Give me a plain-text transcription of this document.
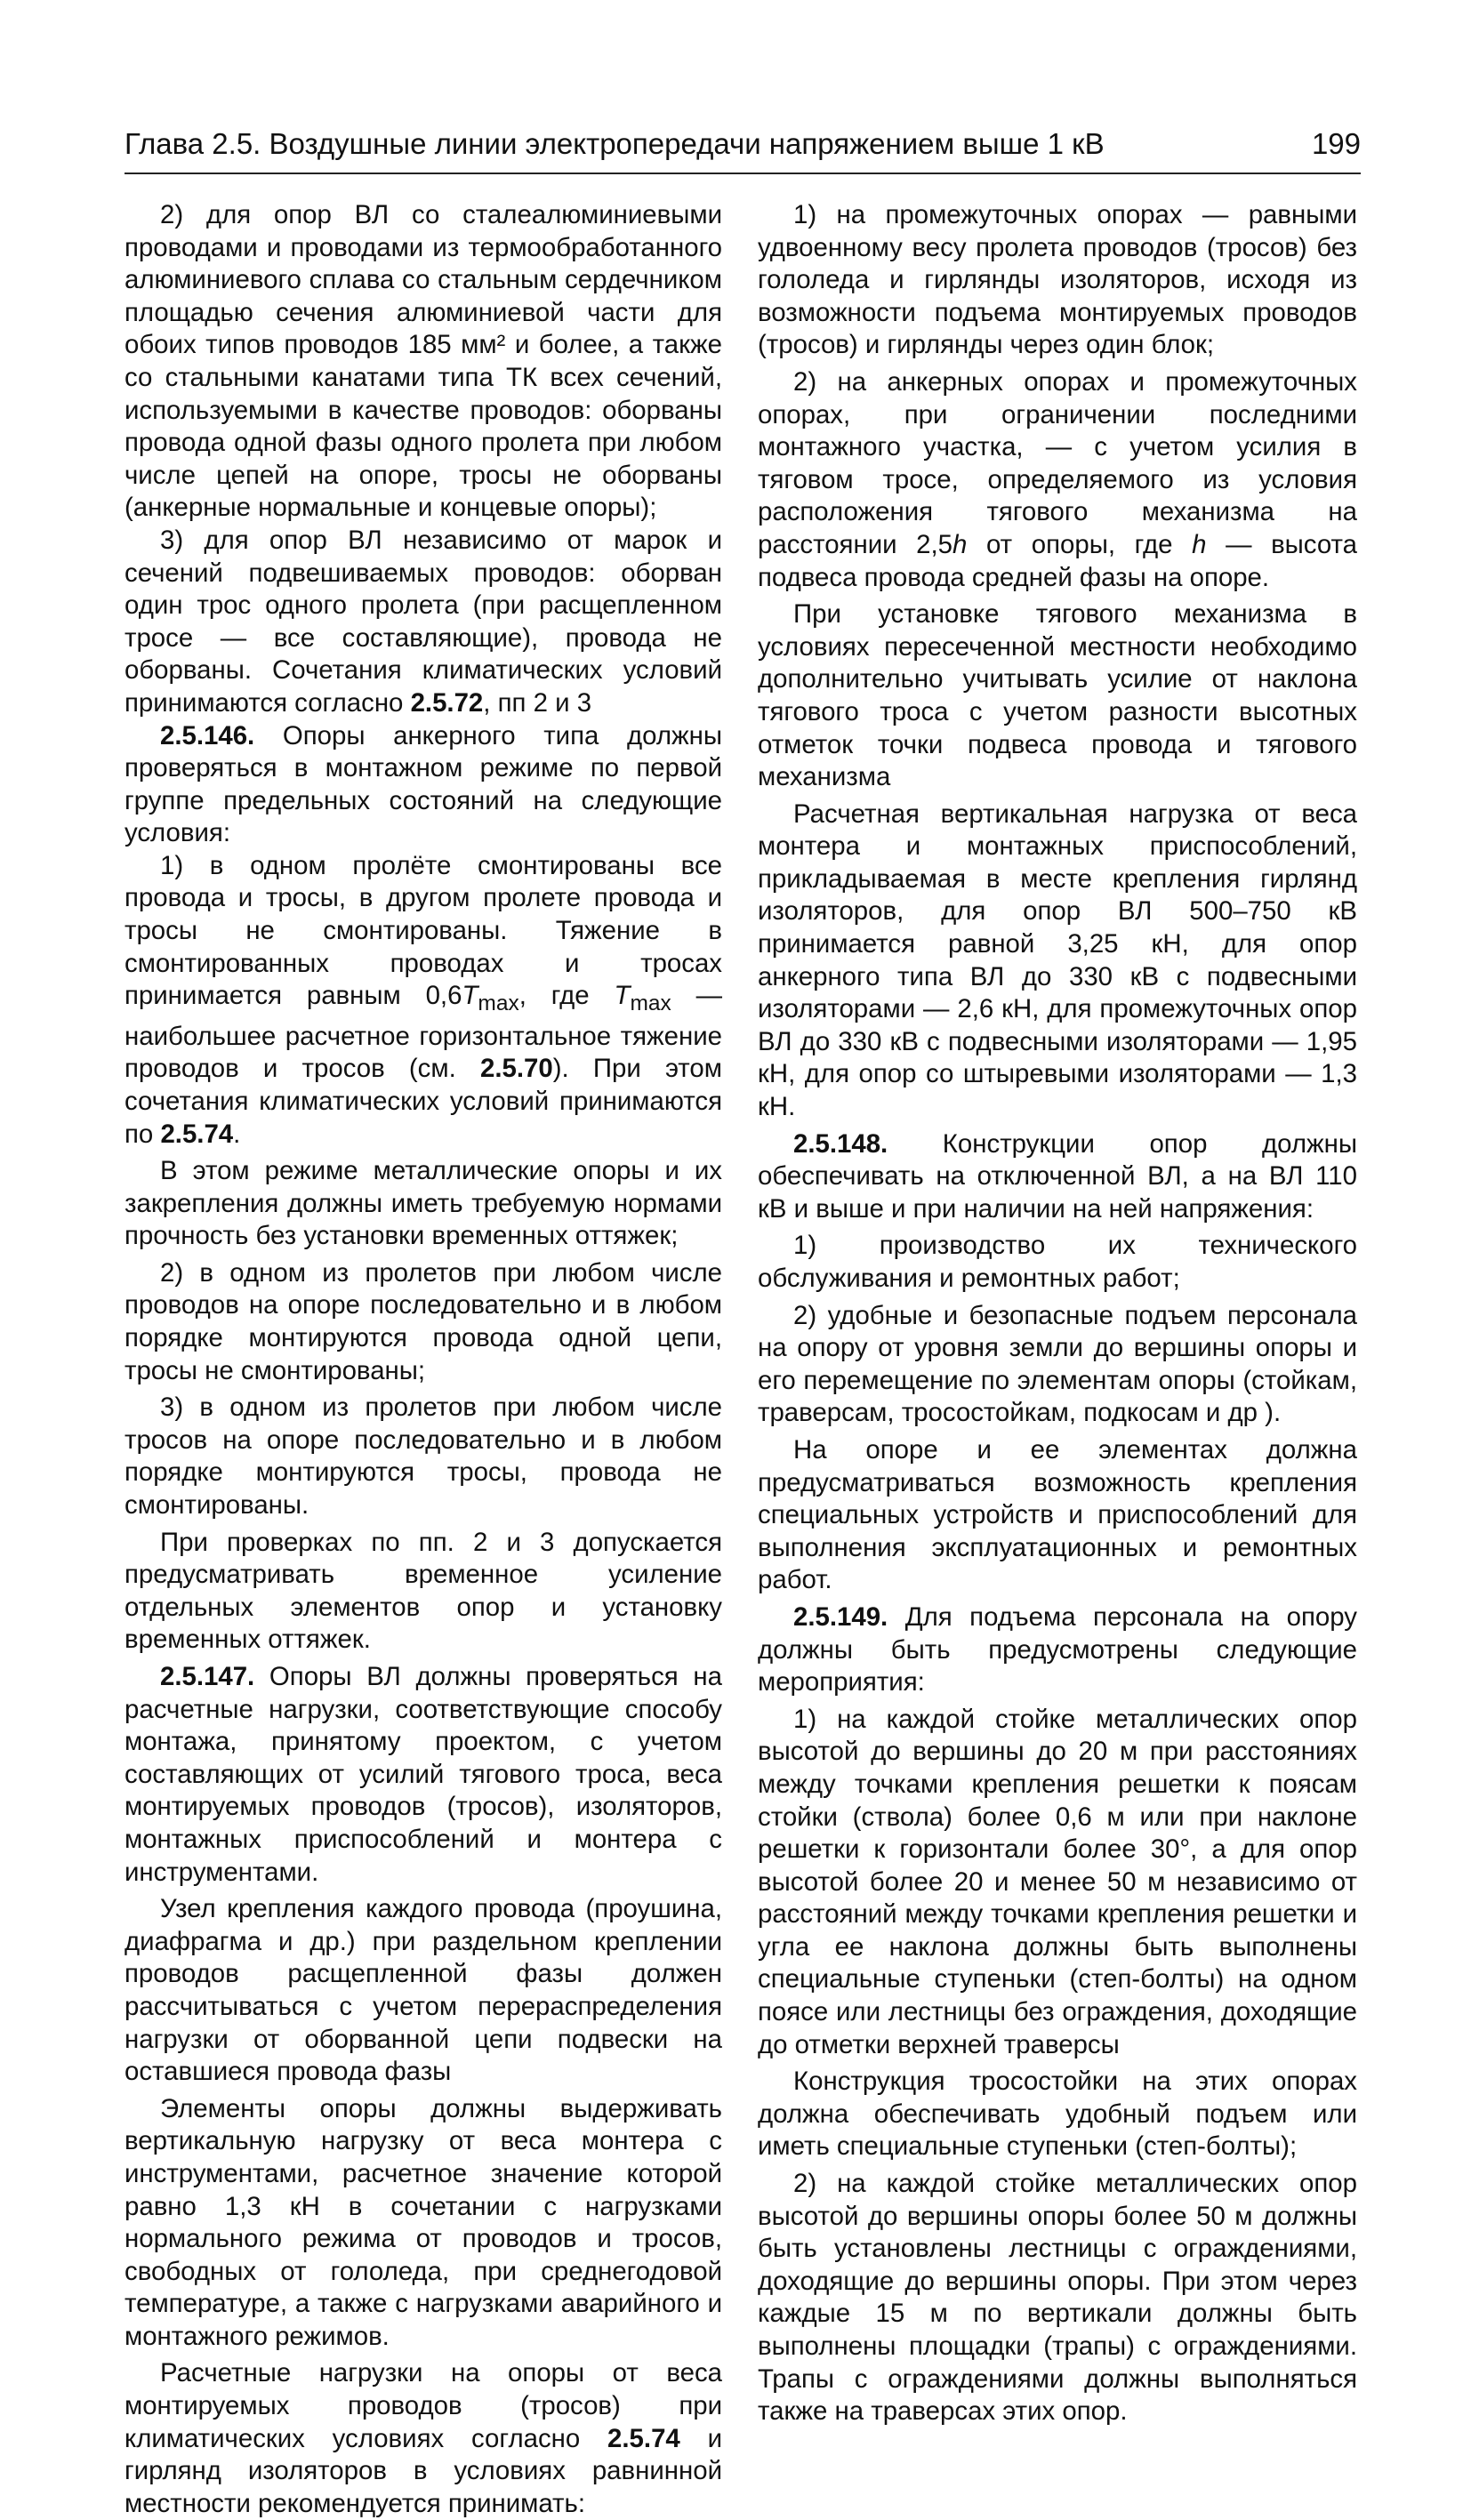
Глава 2.5. Воздушные линии электропередачи напряжением выше 1 кВ	199

2) для опор ВЛ со сталеалюминиевыми проводами и проводами из термообработанного алюминиевого сплава со стальным сердечником площадью сечения алюминиевой части для обоих типов проводов 185 мм² и более, а также со стальными канатами типа ТК всех сечений, используемыми в качестве проводов: оборваны провода одной фазы одного пролета при любом числе цепей на опоре, тросы не оборваны (анкерные нормальные и концевые опоры);

3) для опор ВЛ независимо от марок и сечений подвешиваемых проводов: оборван один трос одного пролета (при расщепленном тросе — все составляющие), провода не оборваны. Сочетания климатических условий принимаются согласно 2.5.72, пп 2 и 3

2.5.146. Опоры анкерного типа должны проверяться в монтажном режиме по первой группе предельных состояний на следующие условия:

1) в одном пролёте смонтированы все провода и тросы, в другом пролете провода и тросы не смонтированы. Тяжение в смонтированных проводах и тросах принимается равным $0,6T_{max}$, где $T_{max}$ — наибольшее расчетное горизонтальное тяжение проводов и тросов (см. 2.5.70). При этом сочетания климатических условий принимаются по 2.5.74.

В этом режиме металлические опоры и их закрепления должны иметь требуемую нормами прочность без установки временных оттяжек;

2) в одном из пролетов при любом числе проводов на опоре последовательно и в любом порядке монтируются провода одной цепи, тросы не смонтированы;

3) в одном из пролетов при любом числе тросов на опоре последовательно и в любом порядке монтируются тросы, провода не смонтированы.

При проверках по пп. 2 и 3 допускается предусматривать временное усиление отдельных элементов опор и установку временных оттяжек.

2.5.147. Опоры ВЛ должны проверяться на расчетные нагрузки, соответствующие способу монтажа, принятому проектом, с учетом составляющих от усилий тягового троса, веса монтируемых проводов (тросов), изоляторов, монтажных приспособлений и монтера с инструментами.

Узел крепления каждого провода (проушина, диафрагма и др.) при раздельном креплении проводов расщепленной фазы должен рассчитываться с учетом перераспределения нагрузки от оборванной цепи подвески на оставшиеся провода фазы

Элементы опоры должны выдерживать вертикальную нагрузку от веса монтера с инструментами, расчетное значение которой равно 1,3 кН в сочетании с нагрузками нормального режима от проводов и тросов, свободных от гололеда, при среднегодовой температуре, а также с нагрузками аварийного и монтажного режимов.

Расчетные нагрузки на опоры от веса монтируемых проводов (тросов) при климатических условиях согласно 2.5.74 и гирлянд изоляторов в условиях равнинной местности рекомендуется принимать:

1) на промежуточных опорах — равными удвоенному весу пролета проводов (тросов) без гололеда и гирлянды изоляторов, исходя из возможности подъема монтируемых проводов (тросов) и гирлянды через один блок;

2) на анкерных опорах и промежуточных опорах, при ограничении последними монтажного участка, — с учетом усилия в тяговом тросе, определяемого из условия расположения тягового механизма на расстоянии 2,5h от опоры, где h — высота подвеса провода средней фазы на опоре.

При установке тягового механизма в условиях пересеченной местности необходимо дополнительно учитывать усилие от наклона тягового троса с учетом разности высотных отметок точки подвеса провода и тягового механизма

Расчетная вертикальная нагрузка от веса монтера и монтажных приспособлений, прикладываемая в месте крепления гирлянд изоляторов, для опор ВЛ 500–750 кВ принимается равной 3,25 кН, для опор анкерного типа ВЛ до 330 кВ с подвесными изоляторами — 2,6 кН, для промежуточных опор ВЛ до 330 кВ с подвесными изоляторами — 1,95 кН, для опор со штыревыми изоляторами — 1,3 кН.

2.5.148. Конструкции опор должны обеспечивать на отключенной ВЛ, а на ВЛ 110 кВ и выше и при наличии на ней напряжения:

1) производство их технического обслуживания и ремонтных работ;

2) удобные и безопасные подъем персонала на опору от уровня земли до вершины опоры и его перемещение по элементам опоры (стойкам, траверсам, тросостойкам, подкосам и др ).

На опоре и ее элементах должна предусматриваться возможность крепления специальных устройств и приспособлений для выполнения эксплуатационных и ремонтных работ.

2.5.149. Для подъема персонала на опору должны быть предусмотрены следующие мероприятия:

1) на каждой стойке металлических опор высотой до вершины до 20 м при расстояниях между точками крепления решетки к поясам стойки (ствола) более 0,6 м или при наклоне решетки к горизонтали более 30°, а для опор высотой более 20 и менее 50 м независимо от расстояний между точками крепления решетки и угла ее наклона должны быть выполнены специальные ступеньки (степ-болты) на одном поясе или лестницы без ограждения, доходящие до отметки верхней траверсы

Конструкция тросостойки на этих опорах должна обеспечивать удобный подъем или иметь специальные ступеньки (степ-болты);

2) на каждой стойке металлических опор высотой до вершины опоры более 50 м должны быть установлены лестницы с ограждениями, доходящие до вершины опоры. При этом через каждые 15 м по вертикали должны быть выполнены площадки (трапы) с ограждениями. Трапы с ограждениями должны выполняться также на траверсах этих опор.
